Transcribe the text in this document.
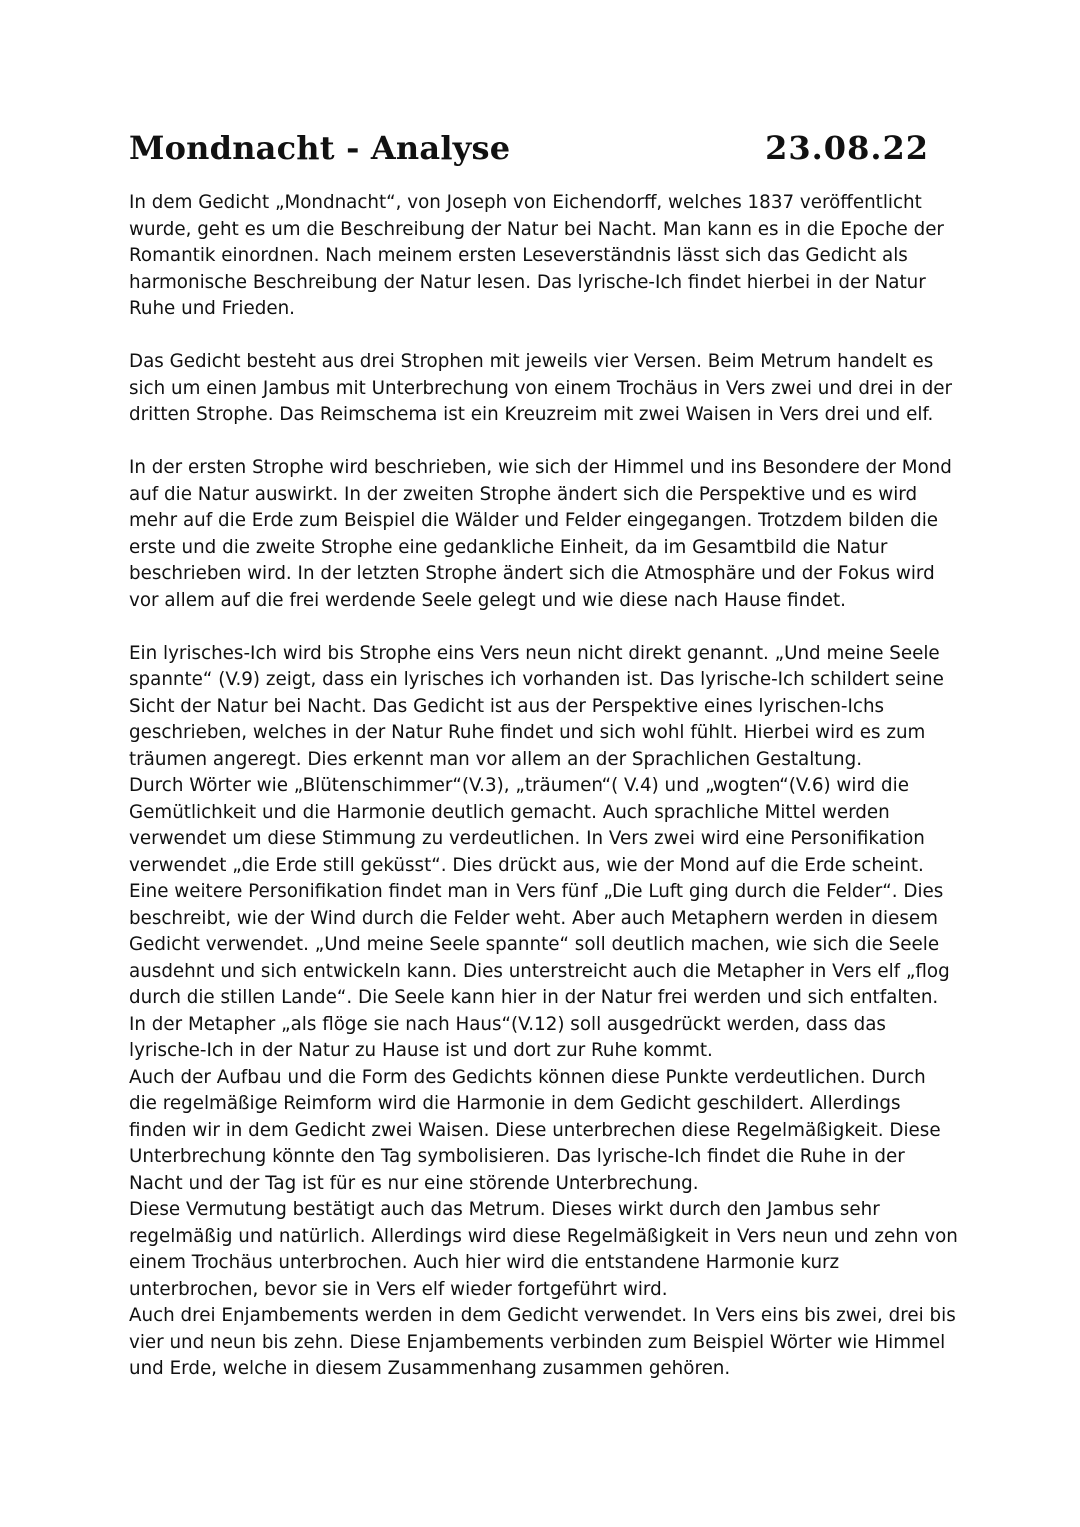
Mondnacht - Analyse	23.08.22

In dem Gedicht „Mondnacht“, von Joseph von Eichendorff, welches 1837 veröffentlicht wurde, geht es um die Beschreibung der Natur bei Nacht. Man kann es in die Epoche der Romantik einordnen. Nach meinem ersten Leseverständnis lässt sich das Gedicht als harmonische Beschreibung der Natur lesen. Das lyrische-Ich findet hierbei in der Natur Ruhe und Frieden.

Das Gedicht besteht aus drei Strophen mit jeweils vier Versen. Beim Metrum handelt es sich um einen Jambus mit Unterbrechung von einem Trochäus in Vers zwei und drei in der dritten Strophe. Das Reimschema ist ein Kreuzreim mit zwei Waisen in Vers drei und elf.

In der ersten Strophe wird beschrieben, wie sich der Himmel und ins Besondere der Mond auf die Natur auswirkt. In der zweiten Strophe ändert sich die Perspektive und es wird mehr auf die Erde zum Beispiel die Wälder und Felder eingegangen. Trotzdem bilden die erste und die zweite Strophe eine gedankliche Einheit, da im Gesamtbild die Natur beschrieben wird. In der letzten Strophe ändert sich die Atmosphäre und der Fokus wird vor allem auf die frei werdende Seele gelegt und wie diese nach Hause findet.

Ein lyrisches-Ich wird bis Strophe eins Vers neun nicht direkt genannt. „Und meine Seele spannte“ (V.9) zeigt, dass ein lyrisches ich vorhanden ist. Das lyrische-Ich schildert seine Sicht der Natur bei Nacht. Das Gedicht ist aus der Perspektive eines lyrischen-Ichs geschrieben, welches in der Natur Ruhe findet und sich wohl fühlt. Hierbei wird es zum träumen angeregt. Dies erkennt man vor allem an der Sprachlichen Gestaltung.

Durch Wörter wie „Blütenschimmer“(V.3), „träumen“( V.4) und „wogten“(V.6) wird die Gemütlichkeit und die Harmonie deutlich gemacht. Auch sprachliche Mittel werden verwendet um diese Stimmung zu verdeutlichen. In Vers zwei wird eine Personifikation verwendet „die Erde still geküsst“. Dies drückt aus, wie der Mond auf die Erde scheint. Eine weitere Personifikation findet man in Vers fünf „Die Luft ging durch die Felder“. Dies beschreibt, wie der Wind durch die Felder weht. Aber auch Metaphern werden in diesem Gedicht verwendet. „Und meine Seele spannte“ soll deutlich machen, wie sich die Seele ausdehnt und sich entwickeln kann. Dies unterstreicht auch die Metapher in Vers elf „flog durch die stillen Lande“. Die Seele kann hier in der Natur frei werden und sich entfalten. In der Metapher „als flöge sie nach Haus“(V.12) soll ausgedrückt werden, dass das lyrische-Ich in der Natur zu Hause ist und dort zur Ruhe kommt.

Auch der Aufbau und die Form des Gedichts können diese Punkte verdeutlichen. Durch die regelmäßige Reimform wird die Harmonie in dem Gedicht geschildert. Allerdings finden wir in dem Gedicht zwei Waisen. Diese unterbrechen diese Regelmäßigkeit. Diese Unterbrechung könnte den Tag symbolisieren. Das lyrische-Ich findet die Ruhe in der Nacht und der Tag ist für es nur eine störende Unterbrechung.

Diese Vermutung bestätigt auch das Metrum. Dieses wirkt durch den Jambus sehr regelmäßig und natürlich. Allerdings wird diese Regelmäßigkeit in Vers neun und zehn von einem Trochäus unterbrochen. Auch hier wird die entstandene Harmonie kurz unterbrochen, bevor sie in Vers elf wieder fortgeführt wird.

Auch drei Enjambements werden in dem Gedicht verwendet. In Vers eins bis zwei, drei bis vier und neun bis zehn. Diese Enjambements verbinden zum Beispiel Wörter wie Himmel und Erde, welche in diesem Zusammenhang zusammen gehören.
